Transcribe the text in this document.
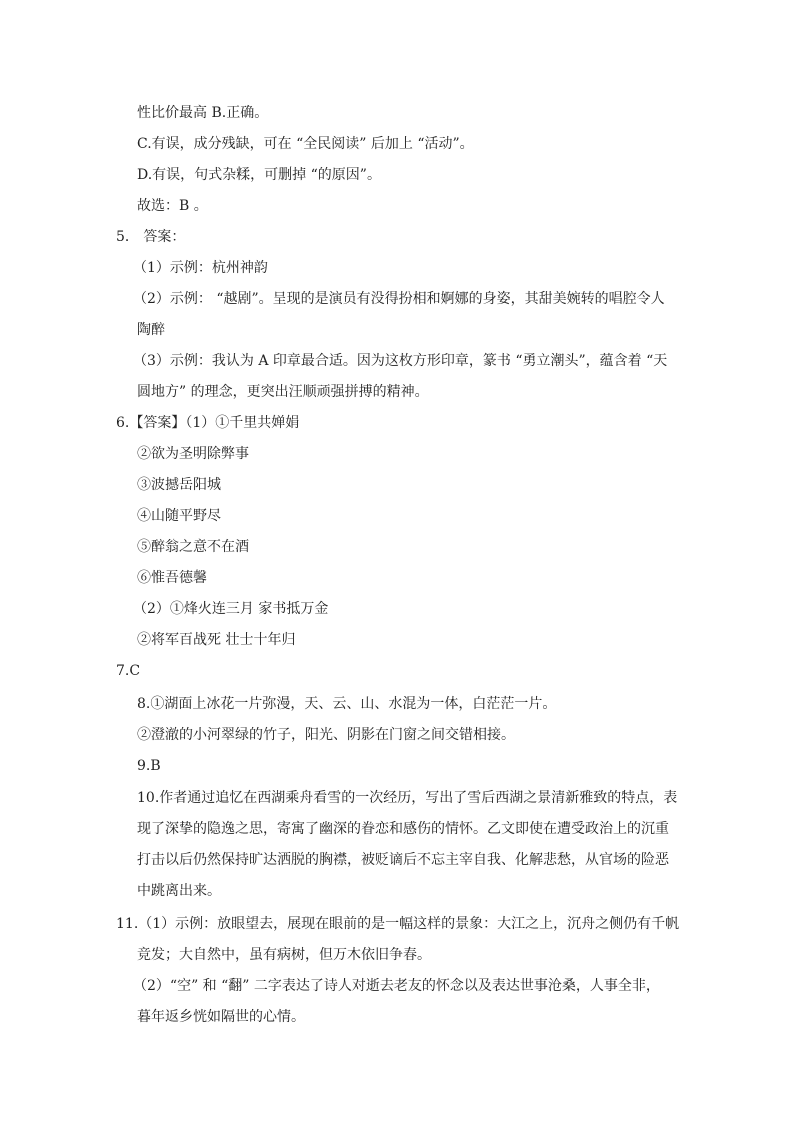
性比价最高 B.正确。
C.有误，成分残缺，可在 “全民阅读” 后加上 “活动”。
D.有误，句式杂糅，可删掉 “的原因”。
故选：B 。
5． 答案：
（1）示例：杭州神韵
（2）示例： “越剧”。呈现的是演员有没得扮相和婀娜的身姿，其甜美婉转的唱腔令人
陶醉
（3）示例：我认为 A 印章最合适。因为这枚方形印章，篆书 “勇立潮头”，蕴含着 “天
圆地方” 的理念，更突出汪顺顽强拼搏的精神。
6.【答案】（1）①千里共婵娟
②欲为圣明除弊事
③波撼岳阳城
④山随平野尽
⑤醉翁之意不在酒
⑥惟吾德馨
（2）①烽火连三月 家书抵万金
②将军百战死 壮士十年归
7.C
8.①湖面上冰花一片弥漫，天、云、山、水混为一体，白茫茫一片。
②澄澈的小河翠绿的竹子，阳光、阴影在门窗之间交错相接。
9.B
10.作者通过追忆在西湖乘舟看雪的一次经历，写出了雪后西湖之景清新雅致的特点，表
现了深挚的隐逸之思，寄寓了幽深的眷恋和感伤的情怀。乙文即使在遭受政治上的沉重
打击以后仍然保持旷达洒脱的胸襟，被贬谪后不忘主宰自我、化解悲愁，从官场的险恶
中跳离出来。
11.（1）示例：放眼望去，展现在眼前的是一幅这样的景象：大江之上，沉舟之侧仍有千帆
竞发；大自然中，虽有病树，但万木依旧争春。
（2）“空” 和 “翻” 二字表达了诗人对逝去老友的怀念以及表达世事沧桑，人事全非，
暮年返乡恍如隔世的心情。
